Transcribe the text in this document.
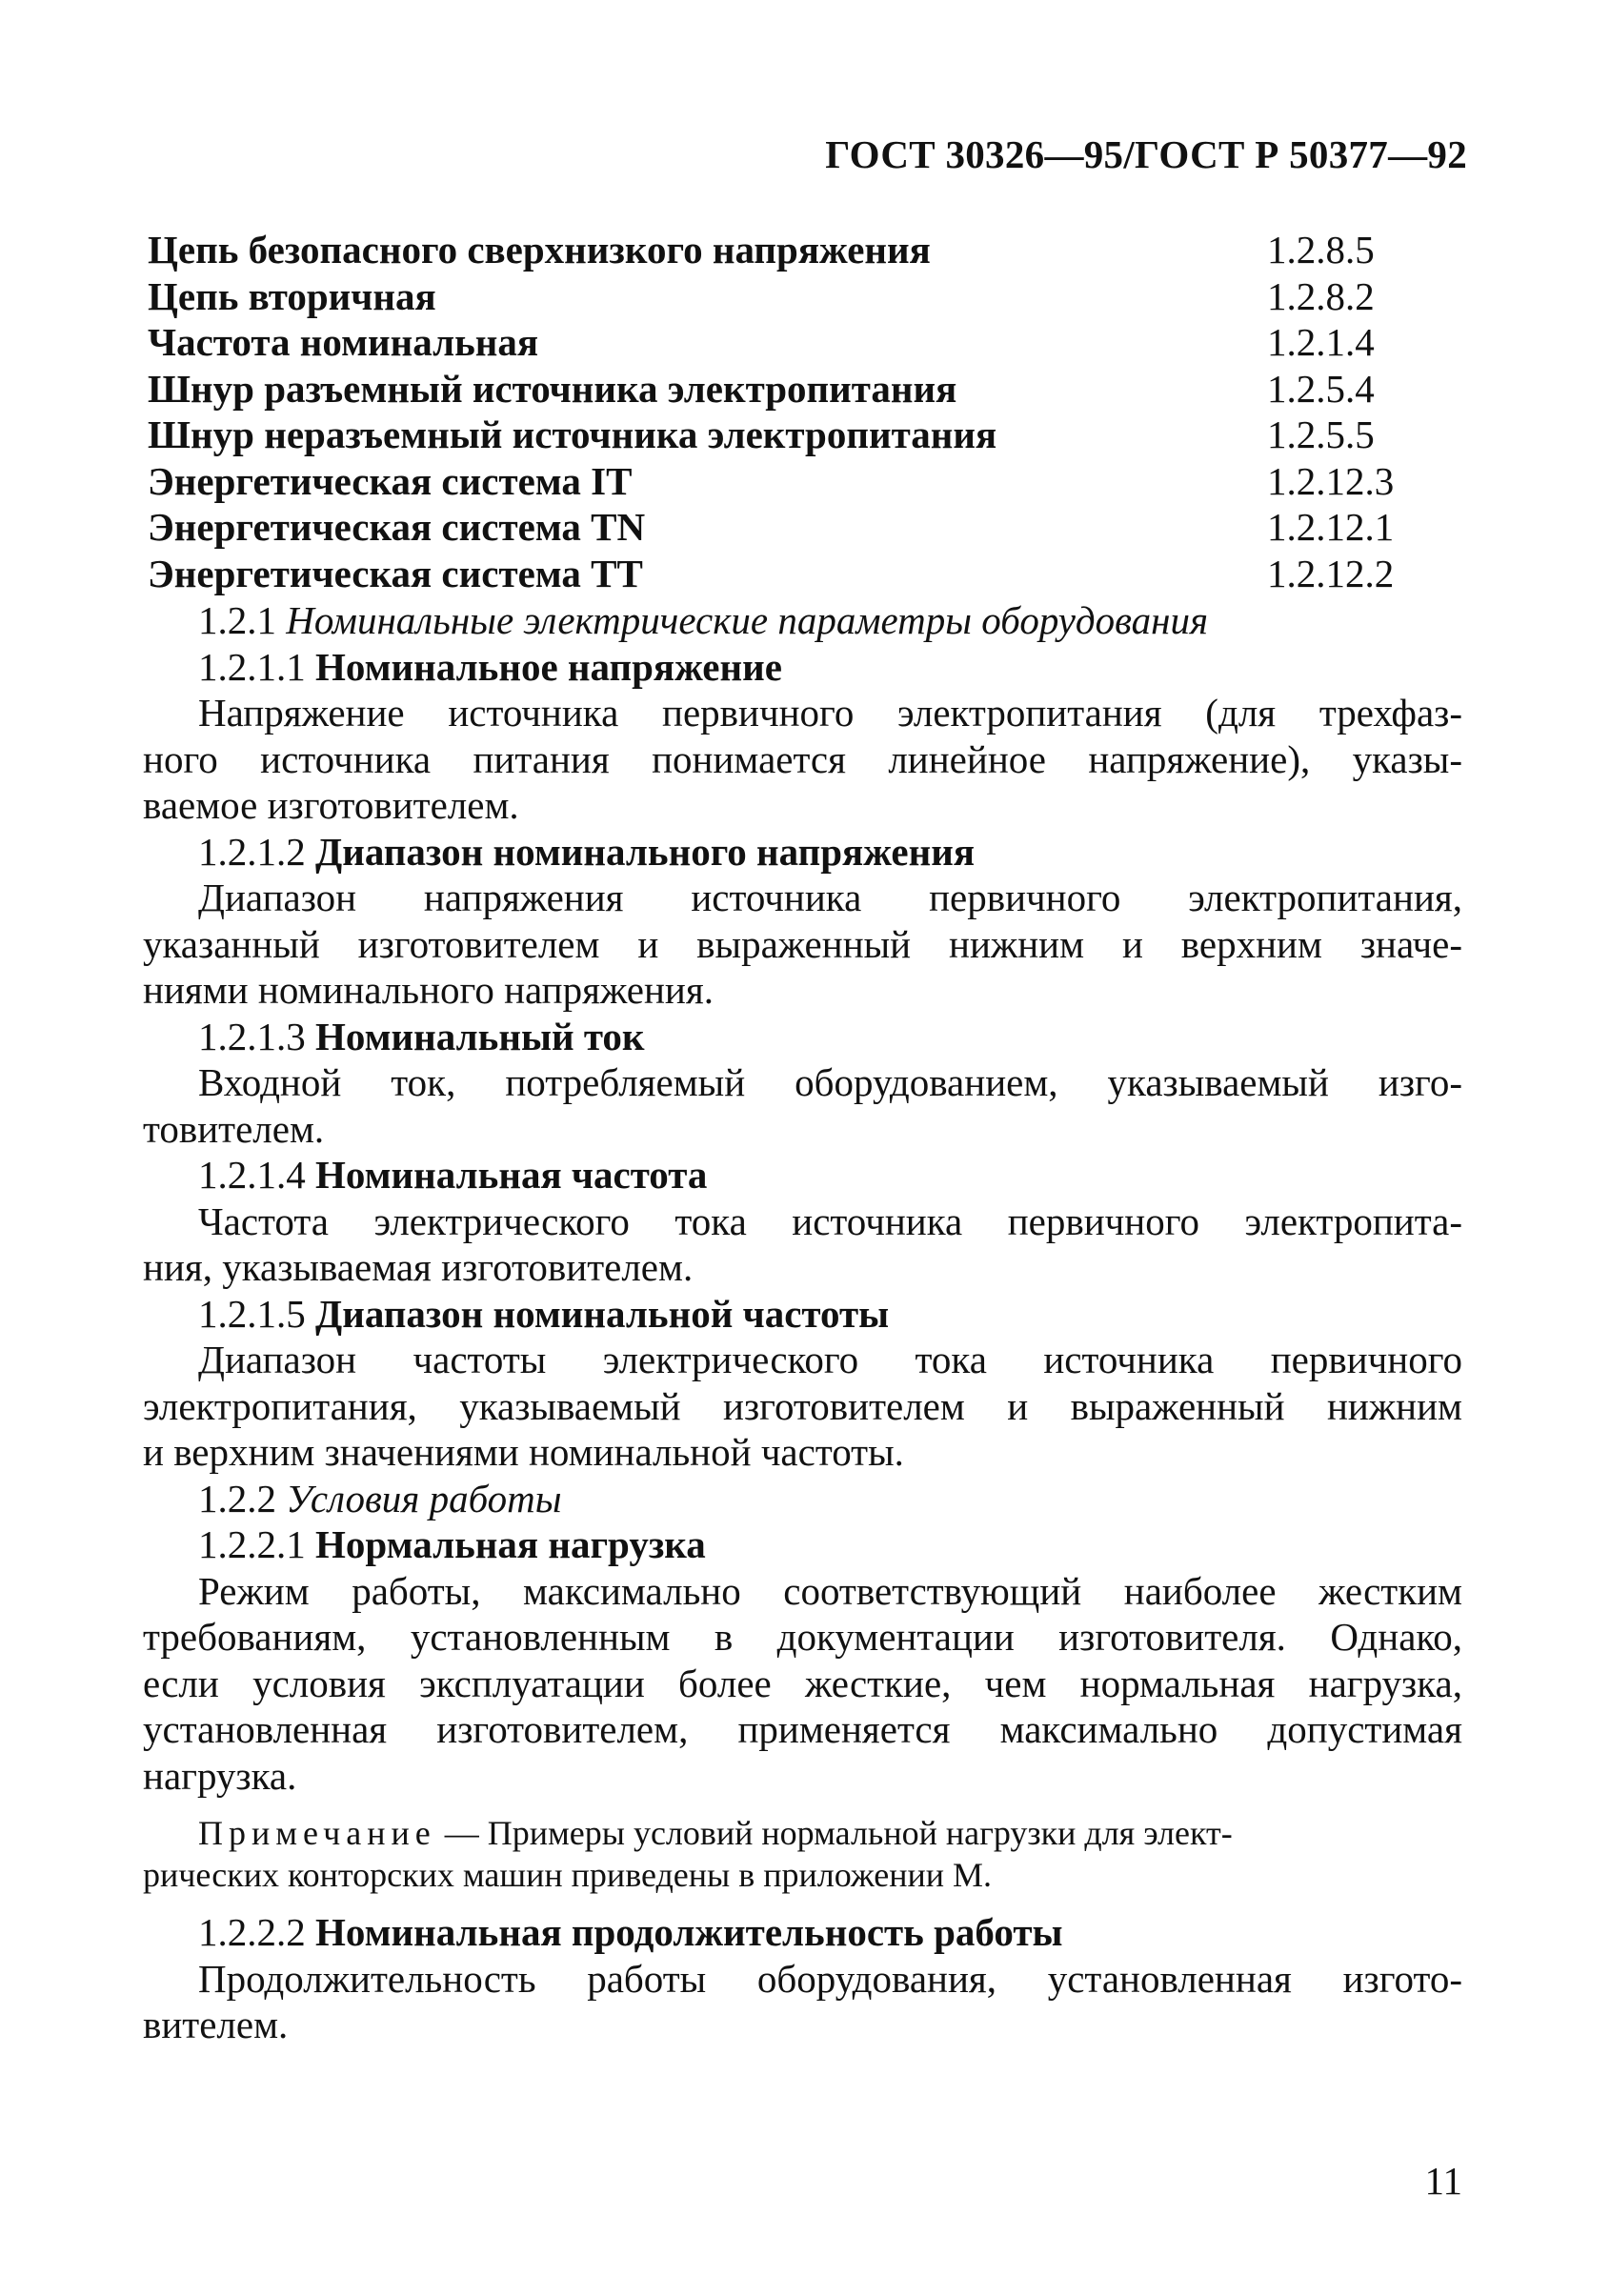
ГОСТ 30326—95/ГОСТ Р 50377—92
Цепь безопасного сверхнизкого напряжения	1.2.8.5
Цепь вторичная	1.2.8.2
Частота номинальная	1.2.1.4
Шнур разъемный источника электропитания	1.2.5.4
Шнур неразъемный источника электропитания	1.2.5.5
Энергетическая система IT	1.2.12.3
Энергетическая система TN	1.2.12.1
Энергетическая система TT	1.2.12.2
1.2.1 Номинальные электрические параметры оборудования
1.2.1.1 Номинальное напряжение
Напряжение источника первичного электропитания (для трехфаз-
ного источника питания понимается линейное напряжение), указы-
ваемое изготовителем.
1.2.1.2 Диапазон номинального напряжения
Диапазон напряжения источника первичного электропитания,
указанный изготовителем и выраженный нижним и верхним значе-
ниями номинального напряжения.
1.2.1.3 Номинальный ток
Входной ток, потребляемый оборудованием, указываемый изго-
товителем.
1.2.1.4 Номинальная частота
Частота электрического тока источника первичного электропита-
ния, указываемая изготовителем.
1.2.1.5 Диапазон номинальной частоты
Диапазон частоты электрического тока источника первичного
электропитания, указываемый изготовителем и выраженный нижним
и верхним значениями номинальной частоты.
1.2.2 Условия работы
1.2.2.1 Нормальная нагрузка
Режим работы, максимально соответствующий наиболее жестким
требованиям, установленным в документации изготовителя. Однако,
если условия эксплуатации более жесткие, чем нормальная нагрузка,
установленная изготовителем, применяется максимально допустимая
нагрузка.
Примечание — Примеры условий нормальной нагрузки для элект-
рических конторских машин приведены в приложении М.
1.2.2.2 Номинальная продолжительность работы
Продолжительность работы оборудования, установленная изгото-
вителем.
11
